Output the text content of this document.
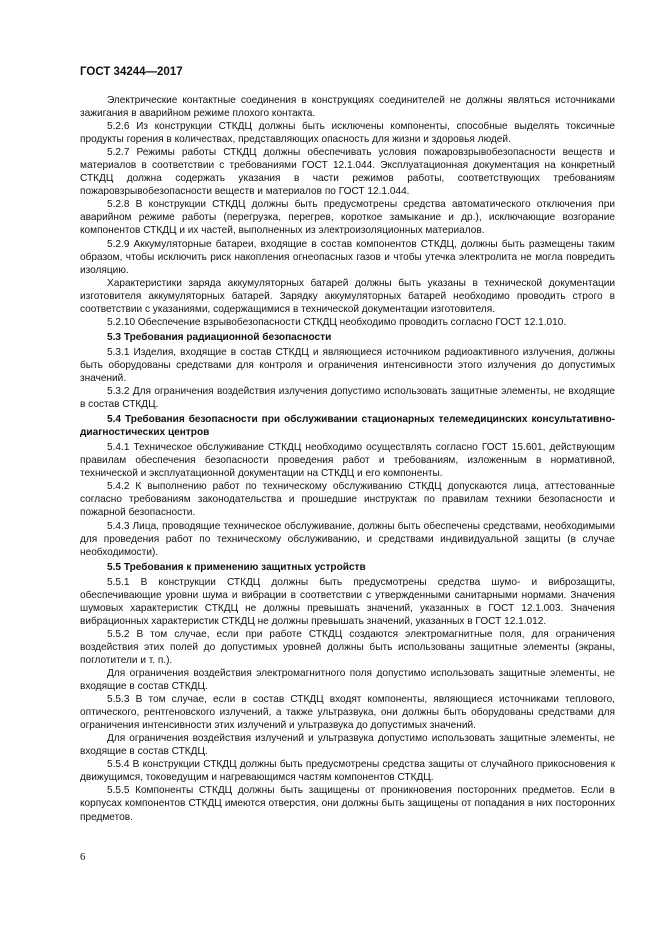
ГОСТ 34244—2017

Электрические контактные соединения в конструкциях соединителей не должны являться источниками зажигания в аварийном режиме плохого контакта.

5.2.6 Из конструкции СТКДЦ должны быть исключены компоненты, способные выделять токсичные продукты горения в количествах, представляющих опасность для жизни и здоровья людей.

5.2.7 Режимы работы СТКДЦ должны обеспечивать условия пожаровзрывобезопасности веществ и материалов в соответствии с требованиями ГОСТ 12.1.044. Эксплуатационная документация на конкретный СТКДЦ должна содержать указания в части режимов работы, соответствующих требованиям пожаровзрывобезопасности веществ и материалов по ГОСТ 12.1.044.

5.2.8 В конструкции СТКДЦ должны быть предусмотрены средства автоматического отключения при аварийном режиме работы (перегрузка, перегрев, короткое замыкание и др.), исключающие возгорание компонентов СТКДЦ и их частей, выполненных из электроизоляционных материалов.

5.2.9 Аккумуляторные батареи, входящие в состав компонентов СТКДЦ, должны быть размещены таким образом, чтобы исключить риск накопления огнеопасных газов и чтобы утечка электролита не могла повредить изоляцию.

Характеристики заряда аккумуляторных батарей должны быть указаны в технической документации изготовителя аккумуляторных батарей. Зарядку аккумуляторных батарей необходимо проводить строго в соответствии с указаниями, содержащимися в технической документации изготовителя.

5.2.10 Обеспечение взрывобезопасности СТКДЦ необходимо проводить согласно ГОСТ 12.1.010.

5.3 Требования радиационной безопасности

5.3.1 Изделия, входящие в состав СТКДЦ и являющиеся источником радиоактивного излучения, должны быть оборудованы средствами для контроля и ограничения интенсивности этого излучения до допустимых значений.

5.3.2 Для ограничения воздействия излучения допустимо использовать защитные элементы, не входящие в состав СТКДЦ.

5.4 Требования безопасности при обслуживании стационарных телемедицинских консультативно-диагностических центров

5.4.1 Техническое обслуживание СТКДЦ необходимо осуществлять согласно ГОСТ 15.601, действующим правилам обеспечения безопасности проведения работ и требованиям, изложенным в нормативной, технической и эксплуатационной документации на СТКДЦ и его компоненты.

5.4.2 К выполнению работ по техническому обслуживанию СТКДЦ допускаются лица, аттестованные согласно требованиям законодательства и прошедшие инструктаж по правилам техники безопасности и пожарной безопасности.

5.4.3 Лица, проводящие техническое обслуживание, должны быть обеспечены средствами, необходимыми для проведения работ по техническому обслуживанию, и средствами индивидуальной защиты (в случае необходимости).

5.5 Требования к применению защитных устройств

5.5.1 В конструкции СТКДЦ должны быть предусмотрены средства шумо- и виброзащиты, обеспечивающие уровни шума и вибрации в соответствии с утвержденными санитарными нормами. Значения шумовых характеристик СТКДЦ не должны превышать значений, указанных в ГОСТ 12.1.003. Значения вибрационных характеристик СТКДЦ не должны превышать значений, указанных в ГОСТ 12.1.012.

5.5.2 В том случае, если при работе СТКДЦ создаются электромагнитные поля, для ограничения воздействия этих полей до допустимых уровней должны быть использованы защитные элементы (экраны, поглотители и т. п.).

Для ограничения воздействия электромагнитного поля допустимо использовать защитные элементы, не входящие в состав СТКДЦ.

5.5.3 В том случае, если в состав СТКДЦ входят компоненты, являющиеся источниками теплового, оптического, рентгеновского излучений, а также ультразвука, они должны быть оборудованы средствами для ограничения интенсивности этих излучений и ультразвука до допустимых значений.

Для ограничения воздействия излучений и ультразвука допустимо использовать защитные элементы, не входящие в состав СТКДЦ.

5.5.4 В конструкции СТКДЦ должны быть предусмотрены средства защиты от случайного прикосновения к движущимся, токоведущим и нагревающимся частям компонентов СТКДЦ.

5.5.5 Компоненты СТКДЦ должны быть защищены от проникновения посторонних предметов. Если в корпусах компонентов СТКДЦ имеются отверстия, они должны быть защищены от попадания в них посторонних предметов.

6
